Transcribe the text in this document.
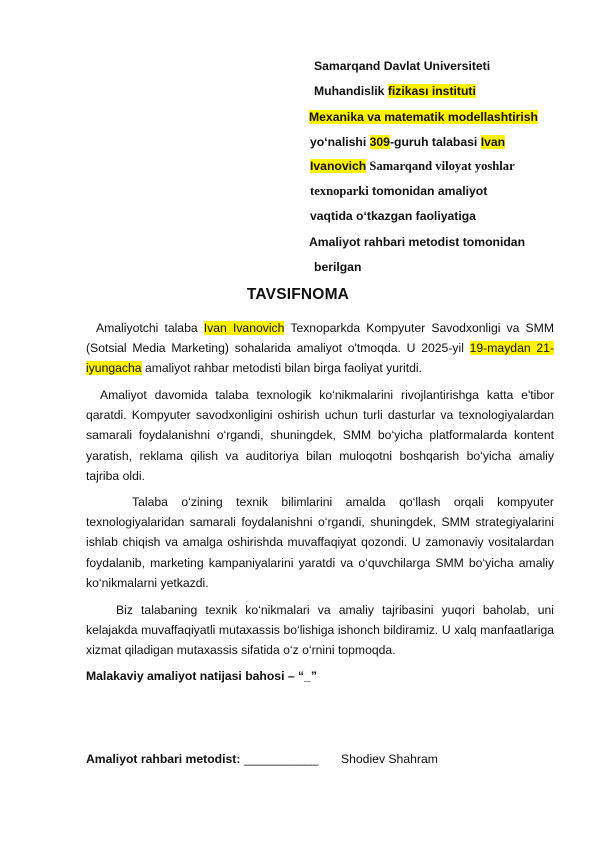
Samarqand Davlat Universiteti
Muhandislik fizikası instituti
Mexanika va matematik modellashtirish
yo‘nalishi 309-guruh talabasi Ivan
Ivanovich Samarqand viloyat yoshlar
texnoparki tomonidan amaliyot
vaqtida o‘tkazgan faoliyatiga
Amaliyot rahbari metodist tomonidan
berilgan
TAVSIFNOMA
Amaliyotchi talaba Ivan Ivanovich Texnoparkda Kompyuter Savodxonligi va SMM (Sotsial Media Marketing) sohalarida amaliyot o'tmoqda. U 2025-yil 19-maydan 21-iyungacha amaliyot rahbar metodisti bilan birga faoliyat yuritdi.
Amaliyot davomida talaba texnologik ko‘nikmalarini rivojlantirishga katta e'tibor qaratdi. Kompyuter savodxonligini oshirish uchun turli dasturlar va texnologiyalardan samarali foydalanishni o‘rgandi, shuningdek, SMM bo‘yicha platformalarda kontent yaratish, reklama qilish va auditoriya bilan muloqotni boshqarish bo‘yicha amaliy tajriba oldi.
Talaba o‘zining texnik bilimlarini amalda qo‘llash orqali kompyuter texnologiyalaridan samarali foydalanishni o‘rgandi, shuningdek, SMM strategiyalarini ishlab chiqish va amalga oshirishda muvaffaqiyat qozondi. U zamonaviy vositalardan foydalanib, marketing kampaniyalarini yaratdi va o‘quvchilarga SMM bo‘yicha amaliy ko‘nikmalarni yetkazdi.
Biz talabaning texnik ko‘nikmalari va amaliy tajribasini yuqori baholab, uni kelajakda muvaffaqiyatli mutaxassis bo‘lishiga ishonch bildiramiz. U xalq manfaatlariga xizmat qiladigan mutaxassis sifatida o‘z o‘rnini topmoqda.
Malakaviy amaliyot natijasi bahosi – “_”
Amaliyot rahbari metodist: ___________ Shodiev Shahram
